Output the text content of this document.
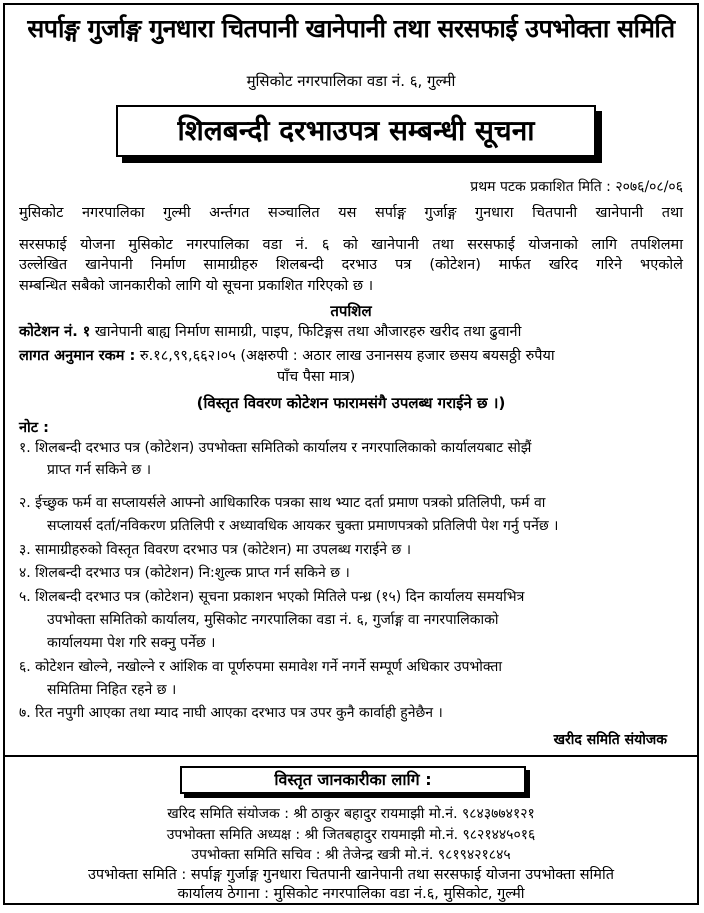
सर्पाङ्ग गुर्जाङ्ग गुनधारा चितपानी खानेपानी तथा सरसफाई उपभोक्ता समिति
मुसिकोट नगरपालिका वडा नं. ६, गुल्मी
शिलबन्दी दरभाउपत्र सम्बन्धी सूचना
प्रथम पटक प्रकाशित मिति : २०७६/०८/०६
मुसिकोट नगरपालिका गुल्मी अर्न्तगत सञ्चालित यस सर्पाङ्ग गुर्जाङ्ग गुनधारा चितपानी खानेपानी तथा
सरसफाई योजना मुसिकोट नगरपालिका वडा नं. ६ को खानेपानी तथा सरसफाई योजनाको लागि तपशिलमा
उल्लेखित खानेपानी निर्माण सामाग्रीहरु शिलबन्दी दरभाउ पत्र (कोटेशन) मार्फत खरिद गरिने भएकोले
सम्बन्धित सबैको जानकारीको लागि यो सूचना प्रकाशित गरिएको छ ।
तपशिल
कोटेशन नं. १ खानेपानी बाह्य निर्माण सामाग्री, पाइप, फिटिङ्गस तथा औजारहरु खरीद तथा ढुवानी
लागत अनुमान रकम : रु.१८,९९,६६२।०५ (अक्षरुपी : अठार लाख उनानसय हजार छसय बयसठ्ठी रुपैया
पाँच पैसा मात्र)
(विस्तृत विवरण कोटेशन फारामसंगै उपलब्ध गराईने छ ।)
नोट :
१. शिलबन्दी दरभाउ पत्र (कोटेशन) उपभोक्ता समितिको कार्यालय र नगरपालिकाको कार्यालयबाट सोझैं
प्राप्त गर्न सकिने छ ।
२. ईच्छुक फर्म वा सप्लायर्सले आफ्नो आधिकारिक पत्रका साथ भ्याट दर्ता प्रमाण पत्रको प्रतिलिपी, फर्म वा
सप्लायर्स दर्ता/नविकरण प्रतिलिपी र अध्यावधिक आयकर चुक्ता प्रमाणपत्रको प्रतिलिपी पेश गर्नु पर्नेछ ।
३. सामाग्रीहरुको विस्तृत विवरण दरभाउ पत्र (कोटेशन) मा उपलब्ध गराईने छ ।
४. शिलबन्दी दरभाउ पत्र (कोटेशन) नि:शुल्क प्राप्त गर्न सकिने छ ।
५. शिलबन्दी दरभाउ पत्र (कोटेशन) सूचना प्रकाशन भएको मितिले पन्ध्र (१५) दिन कार्यालय समयभित्र
उपभोक्ता समितिको कार्यालय, मुसिकोट नगरपालिका वडा नं. ६, गुर्जाङ्ग वा नगरपालिकाको
कार्यालयमा पेश गरि सक्नु पर्नेछ ।
६. कोटेशन खोल्ने, नखोल्ने र आंशिक वा पूर्णरुपमा समावेश गर्ने नगर्ने सम्पूर्ण अधिकार उपभोक्ता
समितिमा निहित रहने छ ।
७. रित नपुगी आएका तथा म्याद नाघी आएका दरभाउ पत्र उपर कुनै कार्वाही हुनेछैन ।
खरीद समिति संयोजक
विस्तृत जानकारीका लागि :
खरिद समिति संयोजक : श्री ठाकुर बहादुर रायमाझी मो.नं. ९८४३७७४१२१
उपभोक्ता समिति अध्यक्ष : श्री जितबहादुर रायमाझी मो.नं. ९८२१४४५०१६
उपभोक्ता समिति सचिव : श्री तेजेन्द्र खत्री मो.नं. ९८१९४२१८४५
उपभोक्ता समिति : सर्पाङ्ग गुर्जाङ्ग गुनधारा चितपानी खानेपानी तथा सरसफाई योजना उपभोक्ता समिति
कार्यालय ठेगाना : मुसिकोट नगरपालिका वडा नं.६, मुसिकोट, गुल्मी
